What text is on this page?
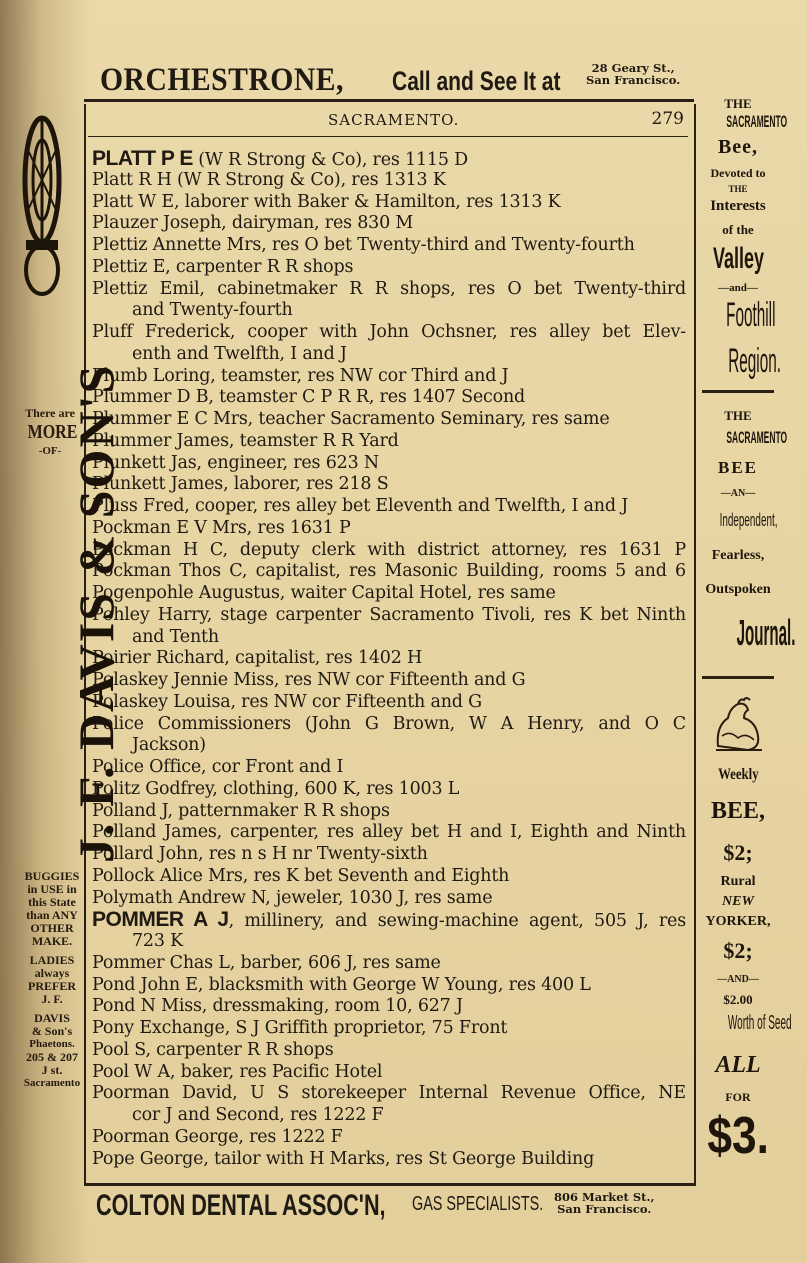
ORCHESTRONE, Call and See It at	28 Geary St.,
San Francisco.
SACRAMENTO.	279
PLATT P E (W R Strong & Co), res 1115 D
Platt R H (W R Strong & Co), res 1313 K
Platt W E, laborer with Baker & Hamilton, res 1313 K
Plauzer Joseph, dairyman, res 830 M
Plettiz Annette Mrs, res O bet Twenty-third and Twenty-fourth
Plettiz E, carpenter R R shops
Plettiz Emil, cabinetmaker R R shops, res O bet Twenty-third
and Twenty-fourth
Pluff Frederick, cooper with John Ochsner, res alley bet Elev-
enth and Twelfth, I and J
Plumb Loring, teamster, res NW cor Third and J
Plummer D B, teamster C P R R, res 1407 Second
Plummer E C Mrs, teacher Sacramento Seminary, res same
Plummer James, teamster R R Yard
Plunkett Jas, engineer, res 623 N
Plunkett James, laborer, res 218 S
Pluss Fred, cooper, res alley bet Eleventh and Twelfth, I and J
Pockman E V Mrs, res 1631 P
Pockman H C, deputy clerk with district attorney, res 1631 P
Pockman Thos C, capitalist, res Masonic Building, rooms 5 and 6
Pogenpohle Augustus, waiter Capital Hotel, res same
Pohley Harry, stage carpenter Sacramento Tivoli, res K bet Ninth
and Tenth
Poirier Richard, capitalist, res 1402 H
Polaskey Jennie Miss, res NW cor Fifteenth and G
Polaskey Louisa, res NW cor Fifteenth and G
Police Commissioners (John G Brown, W A Henry, and O C
Jackson)
Police Office, cor Front and I
Politz Godfrey, clothing, 600 K, res 1003 L
Polland J, patternmaker R R shops
Polland James, carpenter, res alley bet H and I, Eighth and Ninth
Pollard John, res n s H nr Twenty-sixth
Pollock Alice Mrs, res K bet Seventh and Eighth
Polymath Andrew N, jeweler, 1030 J, res same
POMMER A J, millinery, and sewing-machine agent, 505 J, res
723 K
Pommer Chas L, barber, 606 J, res same
Pond John E, blacksmith with George W Young, res 400 L
Pond N Miss, dressmaking, room 10, 627 J
Pony Exchange, S J Griffith proprietor, 75 Front
Pool S, carpenter R R shops
Pool W A, baker, res Pacific Hotel
Poorman David, U S storekeeper Internal Revenue Office, NE
cor J and Second, res 1222 F
Poorman George, res 1222 F
Pope George, tailor with H Marks, res St George Building
COLTON DENTAL ASSOC'N, GAS SPECIALISTS. 806 Market St.,
San Francisco.
There are
MORE
-OF- J. F. DAVIS & SON'S
BUGGIES
in USE in
this State
than ANY
OTHER
MAKE.
LADIES
always
PREFER
J. F.
DAVIS
& Son's
Phaetons.
205 & 207
J st.
Sacramento
THE
SACRAMENTO
Bee,
Devoted to
THE
Interests
of the
Valley
—and—
Foothill
Region.
THE
SACRAMENTO
BEE
—AN—
Independent,
Fearless,
Outspoken
Journal.
Weekly
BEE,
$2;
Rural
NEW
YORKER,
$2;
—AND—
$2.00
Worth of Seed
ALL
FOR
$3.
